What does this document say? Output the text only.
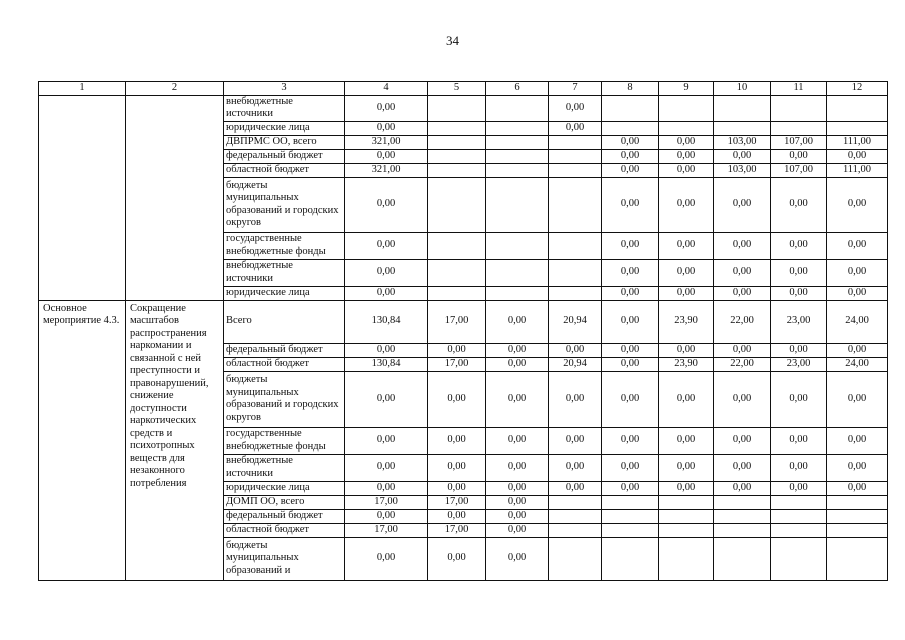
34
1	2	3	4	5	6	7	8	9	10	11	12
		внебюджетные источники	0,00			0,00					
		юридические лица	0,00			0,00					
		ДВПРМС ОО, всего	321,00				0,00	0,00	103,00	107,00	111,00
		федеральный бюджет	0,00				0,00	0,00	0,00	0,00	0,00
		областной бюджет	321,00				0,00	0,00	103,00	107,00	111,00
		бюджеты муниципальных образований и городских округов	0,00				0,00	0,00	0,00	0,00	0,00
		государственные внебюджетные фонды	0,00				0,00	0,00	0,00	0,00	0,00
		внебюджетные источники	0,00				0,00	0,00	0,00	0,00	0,00
		юридические лица	0,00				0,00	0,00	0,00	0,00	0,00
Основное мероприятие 4.3.	Сокращение масштабов распространения наркомании и связанной с ней преступности и правонарушений, снижение доступности наркотических средств и психотропных веществ для незаконного потребления	Всего	130,84	17,00	0,00	20,94	0,00	23,90	22,00	23,00	24,00
		федеральный бюджет	0,00	0,00	0,00	0,00	0,00	0,00	0,00	0,00	0,00
		областной бюджет	130,84	17,00	0,00	20,94	0,00	23,90	22,00	23,00	24,00
		бюджеты муниципальных образований и городских округов	0,00	0,00	0,00	0,00	0,00	0,00	0,00	0,00	0,00
		государственные внебюджетные фонды	0,00	0,00	0,00	0,00	0,00	0,00	0,00	0,00	0,00
		внебюджетные источники	0,00	0,00	0,00	0,00	0,00	0,00	0,00	0,00	0,00
		юридические лица	0,00	0,00	0,00	0,00	0,00	0,00	0,00	0,00	0,00
		ДОМП ОО, всего	17,00	17,00	0,00						
		федеральный бюджет	0,00	0,00	0,00						
		областной бюджет	17,00	17,00	0,00						
		бюджеты муниципальных образований и	0,00	0,00	0,00						
